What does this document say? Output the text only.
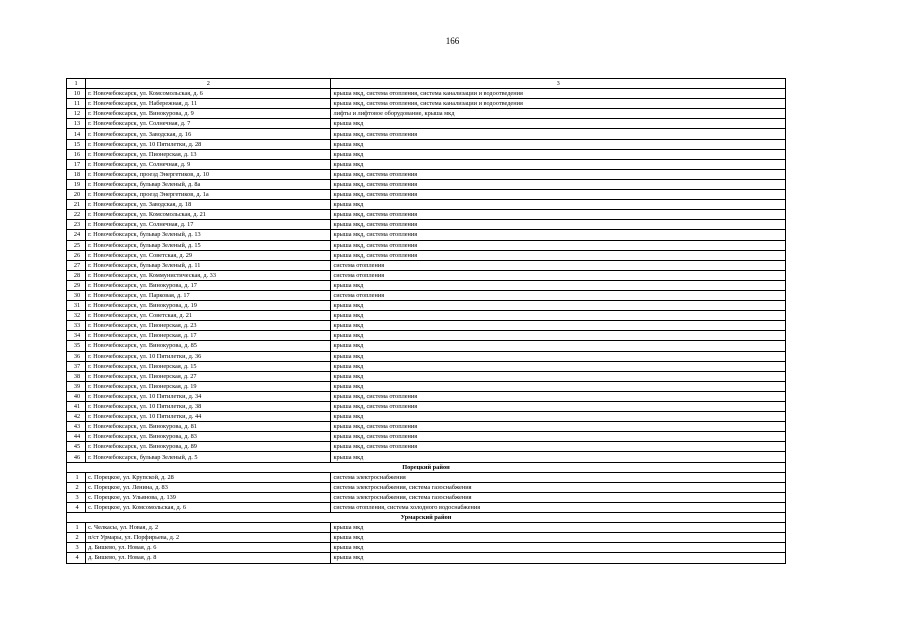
166
1	2	3
10	г. Новочебоксарск, ул. Комсомольская, д. 6	крыша мкд, система отопления, система канализации и водоотведения
11	г. Новочебоксарск, ул. Набережная, д. 11	крыша мкд, система отопления, система канализации и водоотведения
12	г. Новочебоксарск, ул. Винокурова, д. 9	лифты и лифтовое оборудование, крыша мкд
13	г. Новочебоксарск, ул. Солнечная, д. 7	крыша мкд
14	г. Новочебоксарск, ул. Заводская, д. 16	крыша мкд, система отопления
15	г. Новочебоксарск, ул. 10 Пятилетки, д. 28	крыша мкд
16	г. Новочебоксарск, ул. Пионерская, д. 13	крыша мкд
17	г. Новочебоксарск, ул. Солнечная, д. 9	крыша мкд
18	г. Новочебоксарск, проезд Энергетиков, д. 10	крыша мкд, система отопления
19	г. Новочебоксарск, бульвар Зеленый, д. 8а	крыша мкд, система отопления
20	г. Новочебоксарск, проезд Энергетиков, д. 1а	крыша мкд, система отопления
21	г. Новочебоксарск, ул. Заводская, д. 18	крыша мкд
22	г. Новочебоксарск, ул. Комсомольская, д. 21	крыша мкд, система отопления
23	г. Новочебоксарск, ул. Солнечная, д. 17	крыша мкд, система отопления
24	г. Новочебоксарск, бульвар Зеленый, д. 13	крыша мкд, система отопления
25	г. Новочебоксарск, бульвар Зеленый, д. 15	крыша мкд, система отопления
26	г. Новочебоксарск, ул. Советская, д. 29	крыша мкд, система отопления
27	г. Новочебоксарск, бульвар Зеленый, д. 11	система отопления
28	г. Новочебоксарск, ул. Коммунистическая, д. 33	система отопления
29	г. Новочебоксарск, ул. Винокурова, д. 17	крыша мкд
30	г. Новочебоксарск, ул. Парковая, д. 17	система отопления
31	г. Новочебоксарск, ул. Винокурова, д. 19	крыша мкд
32	г. Новочебоксарск, ул. Советская, д. 21	крыша мкд
33	г. Новочебоксарск, ул. Пионерская, д. 23	крыша мкд
34	г. Новочебоксарск, ул. Пионерская, д. 17	крыша мкд
35	г. Новочебоксарск, ул. Винокурова, д. 85	крыша мкд
36	г. Новочебоксарск, ул. 10 Пятилетки, д. 36	крыша мкд
37	г. Новочебоксарск, ул. Пионерская, д. 15	крыша мкд
38	г. Новочебоксарск, ул. Пионерская, д. 27	крыша мкд
39	г. Новочебоксарск, ул. Пионерская, д. 19	крыша мкд
40	г. Новочебоксарск, ул. 10 Пятилетки, д. 34	крыша мкд, система отопления
41	г. Новочебоксарск, ул. 10 Пятилетки, д. 38	крыша мкд, система отопления
42	г. Новочебоксарск, ул. 10 Пятилетки, д. 44	крыша мкд
43	г. Новочебоксарск, ул. Винокурова, д. 81	крыша мкд, система отопления
44	г. Новочебоксарск, ул. Винокурова, д. 83	крыша мкд, система отопления
45	г. Новочебоксарск, ул. Винокурова, д. 89	крыша мкд, система отопления
46	г. Новочебоксарск, бульвар Зеленый, д. 5	крыша мкд
Порецкий район		
1	с. Порецкое, ул. Крупской, д. 28	система электроснабжения
2	с. Порецкое, ул. Ленина, д. 83	система электроснабжения, система газоснабжения
3	с. Порецкое, ул. Ульянова, д. 139	система электроснабжения, система газоснабжения
4	с. Порецкое, ул. Комсомольская, д. 6	система отопления, система холодного водоснабжения
Урмарский район		
1	с. Челкасы, ул. Новая, д. 2	крыша мкд
2	п/ст Урмары, ул. Порфирьева, д. 2	крыша мкд
3	д. Бишево, ул. Новая, д. 6	крыша мкд
4	д. Бишево, ул. Новая, д. 8	крыша мкд
